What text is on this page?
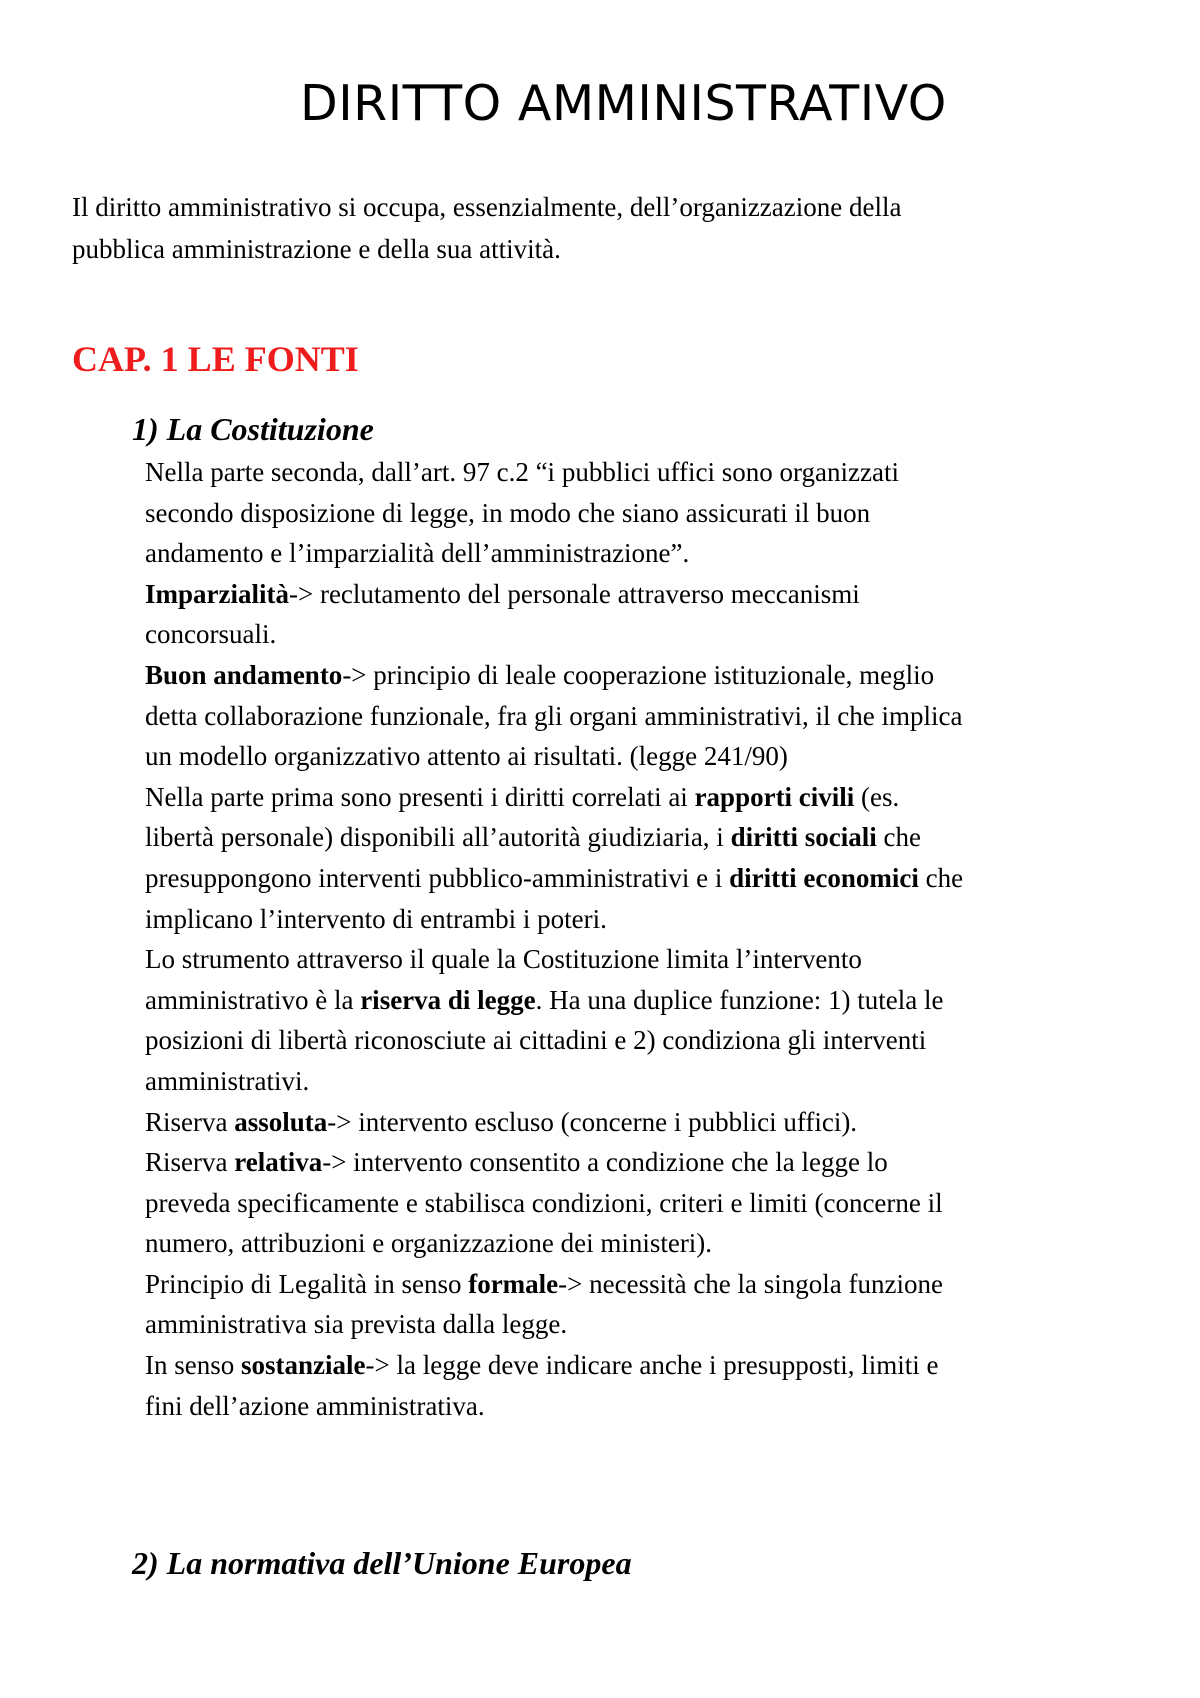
DIRITTO AMMINISTRATIVO

Il diritto amministrativo si occupa, essenzialmente, dell’organizzazione della
pubblica amministrazione e della sua attività.

CAP. 1 LE FONTI
1) La Costituzione
Nella parte seconda, dall’art. 97 c.2 “i pubblici uffici sono organizzati
secondo disposizione di legge, in modo che siano assicurati il buon
andamento e l’imparzialità dell’amministrazione”.
Imparzialità-> reclutamento del personale attraverso meccanismi
concorsuali.
Buon andamento-> principio di leale cooperazione istituzionale, meglio
detta collaborazione funzionale, fra gli organi amministrativi, il che implica
un modello organizzativo attento ai risultati. (legge 241/90)
Nella parte prima sono presenti i diritti correlati ai rapporti civili (es.
libertà personale) disponibili all’autorità giudiziaria, i diritti sociali che
presuppongono interventi pubblico-amministrativi e i diritti economici che
implicano l’intervento di entrambi i poteri.
Lo strumento attraverso il quale la Costituzione limita l’intervento
amministrativo è la riserva di legge. Ha una duplice funzione: 1) tutela le
posizioni di libertà riconosciute ai cittadini e 2) condiziona gli interventi
amministrativi.
Riserva assoluta-> intervento escluso (concerne i pubblici uffici).
Riserva relativa-> intervento consentito a condizione che la legge lo
preveda specificamente e stabilisca condizioni, criteri e limiti (concerne il
numero, attribuzioni e organizzazione dei ministeri).
Principio di Legalità in senso formale-> necessità che la singola funzione
amministrativa sia prevista dalla legge.
In senso sostanziale-> la legge deve indicare anche i presupposti, limiti e
fini dell’azione amministrativa.
2) La normativa dell’Unione Europea
